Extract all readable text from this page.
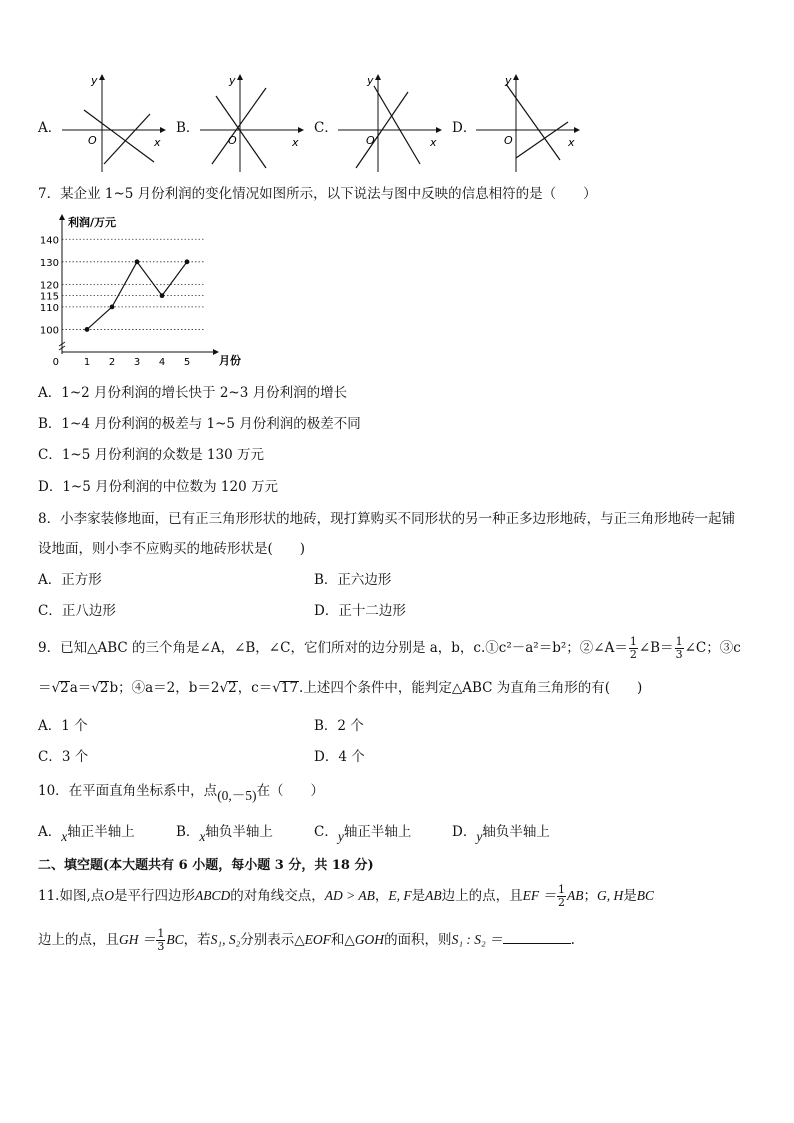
A．
O	x
y
B．
O	x
y
C．
O	x
y
D．
O	x
y
7．某企业 1~5 月份利润的变化情况如图所示，以下说法与图中反映的信息相符的是（　　）
100
110
115
120
130
140
1 2 3 4 5
0
利润/万元
月份
A．1~2 月份利润的增长快于 2~3 月份利润的增长
B．1~4 月份利润的极差与 1~5 月份利润的极差不同
C．1~5 月份利润的众数是 130 万元
D．1~5 月份利润的中位数为 120 万元
8．小李家装修地面，已有正三角形形状的地砖，现打算购买不同形状的另一种正多边形地砖，与正三角形地砖一起铺
设地面，则小李不应购买的地砖形状是(　　)
A．正方形	B．正六边形
C．正八边形	D．正十二边形
9．已知△ABC 的三个角是∠A，∠B，∠C，它们所对的边分别是 a，b，c.①c²－a²＝b²；②∠A＝ $\frac{1}{2}$ ∠B＝ $\frac{1}{3}$ ∠C；③c
＝√2a＝√2b；④a＝2，b＝2√2，c＝√17.上述四个条件中，能判定△ABC 为直角三角形的有(　　)
A．1 个	B．2 个
C．3 个	D．4 个
10．在平面直角坐标系中，点(0,－5)在（　　）
A．x轴正半轴上	B．x轴负半轴上	C．y轴正半轴上	D．y轴负半轴上
二、填空题(本大题共有 6 小题，每小题 3 分，共 18 分)
11.如图,点O是平行四边形ABCD的对角线交点，AD > AB，E, F是AB边上的点，且EF ＝ $\frac{1}{2}$ AB；G, H是BC
边上的点，且GH ＝ $\frac{1}{3}$ BC，若S₁, S₂分别表示△EOF和△GOH的面积，则S₁ : S₂ ＝	.
